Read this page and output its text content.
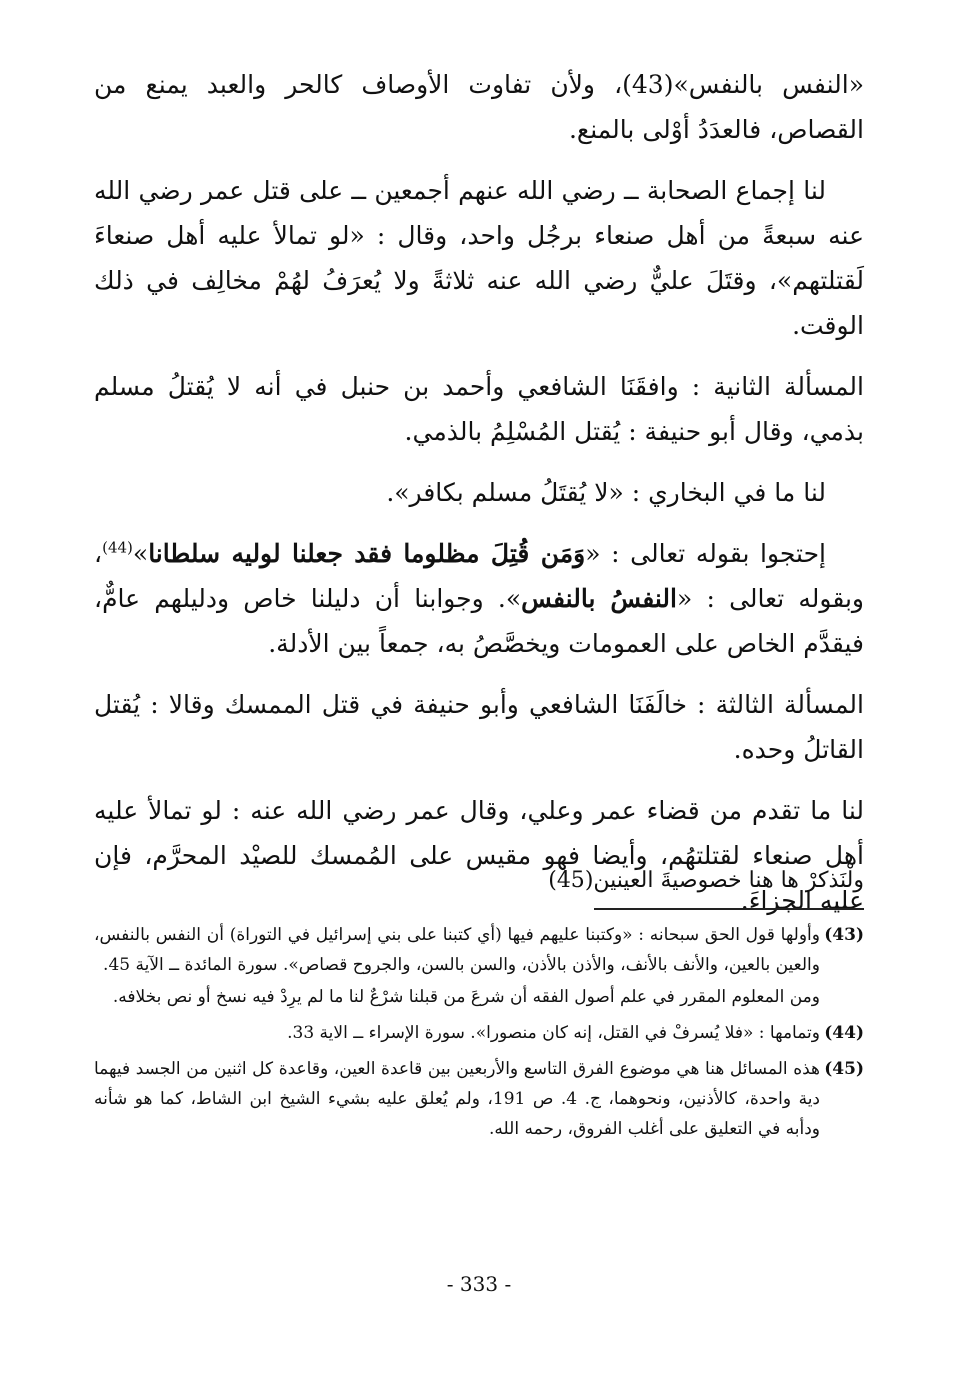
«النفس بالنفس»(43)، ولأن تفاوت الأوصاف كالحر والعبد يمنع من القصاص، فالعدَدُ أوْلى بالمنع.

لنا إجماع الصحابة ــ رضي الله عنهم أجمعين ــ على قتل عمر رضي الله عنه سبعةً من أهل صنعاء برجُل واحد، وقال : «لو تمالأ عليه أهل صنعاءَ لَقتلتهم»، وقتَلَ عليٌّ رضي الله عنه ثلاثةً ولا يُعرَفُ لهُمْ مخالِف في ذلك الوقت.

المسألة الثانية : وافقَنَا الشافعي وأحمد بن حنبل في أنه لا يُقتلُ مسلم بذمي، وقال أبو حنيفة : يُقتل المُسْلِمُ بالذمي.

لنا ما في البخاري : «لا يُقتَلُ مسلم بكافر».

إحتجوا بقوله تعالى : «وَمَن قُتِلَ مظلوما فقد جعلنا لوليه سلطانا»$^{(44)}$، وبقوله تعالى : «النفسُ بالنفس». وجوابنا أن دليلنا خاص ودليلهم عامٌّ، فيقدَّم الخاص على العمومات ويخصَّصُ به، جمعاً بين الأدلة.

المسألة الثالثة : خالَفَنَا الشافعي وأبو حنيفة في قتل الممسك وقالا : يُقتل القاتلُ وحده.

لنا ما تقدم من قضاء عمر وعلي، وقال عمر رضي الله عنه : لو تمالأ عليه أهل صنعاء لقتلتهُم، وأيضا فهو مقيس على المُمسك للصيْد المحرَّم، فإن عليه الجزاءَ.

ولْنَذكرْ ها هنا خصوصيةَ العينين(45)
(43)
وأولها قول الحق سبحانه : «وكتبنا عليهم فيها (أي كتبنا على بني إسرائيل في التوراة) أن النفس بالنفس، والعين بالعين، والأنف بالأنف، والأذن بالأذن، والسن بالسن، والجروح قصاص». سورة المائدة ــ الآية 45.
ومن المعلوم المقرر في علم أصول الفقه أن شرعَ من قبلنا شرْعٌ لنا ما لم يرِدْ فيه نسخ أو نص بخلافه.
(44)
وتمامها : «فلا يُسرفْ في القتل، إنه كان منصورا». سورة الإسراء ــ الاية 33.
(45)
هذه المسائل هنا هي موضوع الفرق التاسع والأربعين بين قاعدة العين، وقاعدة كل اثنين من الجسد فيهما دية واحدة، كالأذنين، ونحوهما، ج. 4. ص 191، ولم يُعلق عليه بشيء الشيخ ابن الشاط، كما هو شأنه ودأبه في التعليق على أغلب الفروق، رحمه الله.
- 333 -
